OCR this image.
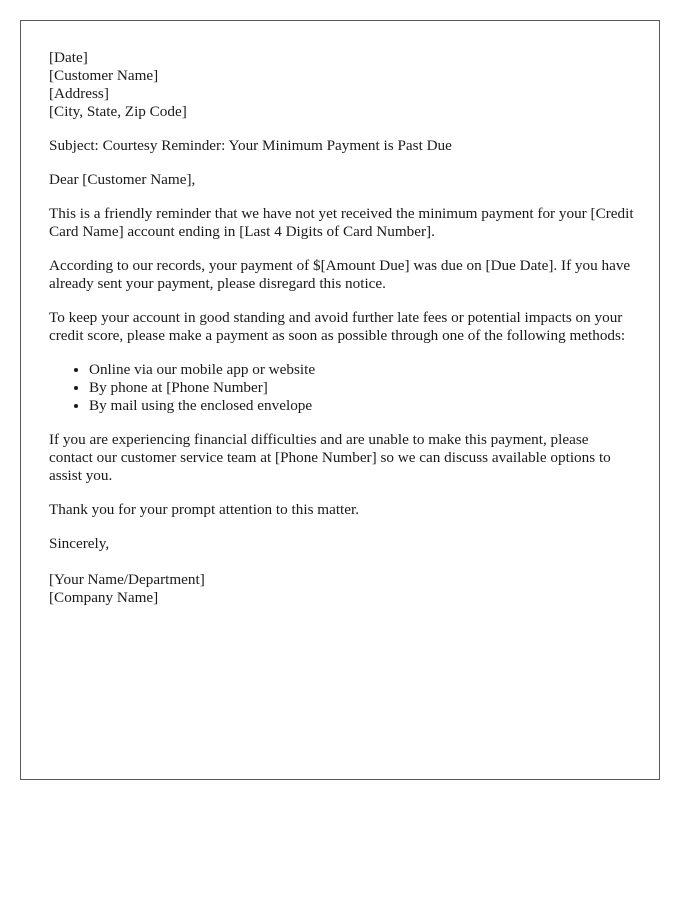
[Date]
[Customer Name]
[Address]
[City, State, Zip Code]

Subject: Courtesy Reminder: Your Minimum Payment is Past Due

Dear [Customer Name],

This is a friendly reminder that we have not yet received the minimum payment for your [Credit Card Name] account ending in [Last 4 Digits of Card Number].

According to our records, your payment of $[Amount Due] was due on [Due Date]. If you have already sent your payment, please disregard this notice.

To keep your account in good standing and avoid further late fees or potential impacts on your credit score, please make a payment as soon as possible through one of the following methods:

• Online via our mobile app or website
• By phone at [Phone Number]
• By mail using the enclosed envelope

If you are experiencing financial difficulties and are unable to make this payment, please contact our customer service team at [Phone Number] so we can discuss available options to assist you.

Thank you for your prompt attention to this matter.

Sincerely,

[Your Name/Department]
[Company Name]
